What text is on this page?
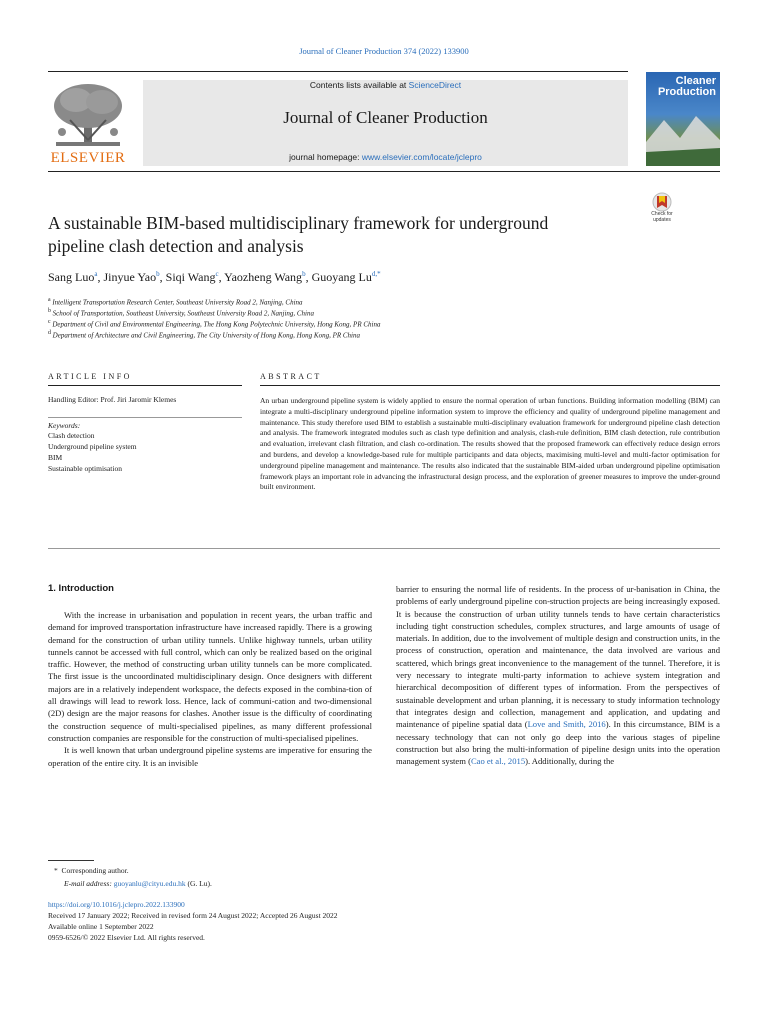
Journal of Cleaner Production 374 (2022) 133900
ELSEVIER
Contents lists available at ScienceDirect
Journal of Cleaner Production
journal homepage: www.elsevier.com/locate/jclepro
Cleaner Production
Check for updates
A sustainable BIM-based multidisciplinary framework for underground pipeline clash detection and analysis
Sang Luo$^a$, Jinyue Yao$^b$, Siqi Wang$^c$, Yaozheng Wang$^b$, Guoyang $Lu^{d,*}$
$^a$ Intelligent Transportation Research Center, Southeast University Road 2, Nanjing, China
$^b$ School of Transportation, Southeast University, Southeast University Road 2, Nanjing, China
$^c$ Department of Civil and Environmental Engineering, The Hong Kong Polytechnic University, Hong Kong, PR China
$^d$ Department of Architecture and Civil Engineering, The City University of Hong Kong, Hong Kong, PR China
ARTICLE INFO
Handling Editor: Prof. Jiri Jaromir Klemes
Keywords:
Clash detection
Underground pipeline system
BIM
Sustainable optimisation
ABSTRACT
An urban underground pipeline system is widely applied to ensure the normal operation of urban functions. Building information modelling (BIM) can integrate a multi-disciplinary underground pipeline information system to improve the efficiency and quality of underground pipeline management and maintenance. This study therefore used BIM to establish a sustainable multi-disciplinary evaluation framework for underground pipeline clash detection and analysis. The framework integrated modules such as clash type definition and analysis, clash-rule definition, BIM clash detection, rule contribution and evaluation, irrelevant clash filtration, and clash co-ordination. The results showed that the proposed framework can effectively reduce design errors and burdens, and develop a knowledge-based rule for multiple participants and data objects, maximising multi-level and multi-factor optimisation for underground pipeline management and maintenance. The results also indicated that the sustainable BIM-aided urban underground pipeline optimisation framework plays an important role in advancing the infrastructural design process, and the exploration of greener measures to improve the under-ground built environment.
1. Introduction

With the increase in urbanisation and population in recent years, the urban traffic and demand for improved transportation infrastructure have increased rapidly. There is a growing demand for the construction of urban utility tunnels. Unlike highway tunnels, urban utility tunnels cannot be accessed with full control, which can only be realized based on the original traffic. However, the method of constructing urban utility tunnels can be more complicated. The first issue is the uncoordinated multidisciplinary design. Once designers with different majors are in a relatively independent workspace, the defects exposed in the combina-tion of all drawings will lead to rework loss. Hence, lack of communi-cation and two-dimensional (2D) design are the major reasons for clashes. Another issue is the difficulty of coordinating the construction sequence of multi-specialised pipelines, as many different professional construction companies are responsible for the construction of multi-specialised pipelines.

It is well known that urban underground pipeline systems are imperative for ensuring the operation of the entire city. It is an invisible

barrier to ensuring the normal life of residents. In the process of ur-banisation in China, the problems of early underground pipeline con-struction projects are being increasingly exposed. It is because the construction of urban utility tunnels tends to have certain characteristics including tight construction schedules, complex structures, and large amounts of usage of materials. In addition, due to the involvement of multiple design and construction units, in the process of construction, operation and maintenance, the data involved are various and scattered, which brings great inconvenience to the management of the tunnel. Therefore, it is very necessary to integrate multi-party information to achieve system integration and hierarchical decomposition of different types of information. From the perspectives of sustainable development and urban planning, it is necessary to study information technology that integrates design and collection, management and application, and updating and maintenance of pipeline spatial data (Love and Smith, 2016). In this circumstance, BIM is a necessary technology that can not only go deep into the various stages of pipeline construction but also bring the multi-information of pipeline design units into the operation management system (Cao et al., 2015). Additionally, during the

*  Corresponding author.
E-mail address: guoyanlu@cityu.edu.hk (G. Lu).
https://doi.org/10.1016/j.jclepro.2022.133900
Received 17 January 2022; Received in revised form 24 August 2022; Accepted 26 August 2022
Available online 1 September 2022
0959-6526/© 2022 Elsevier Ltd. All rights reserved.
